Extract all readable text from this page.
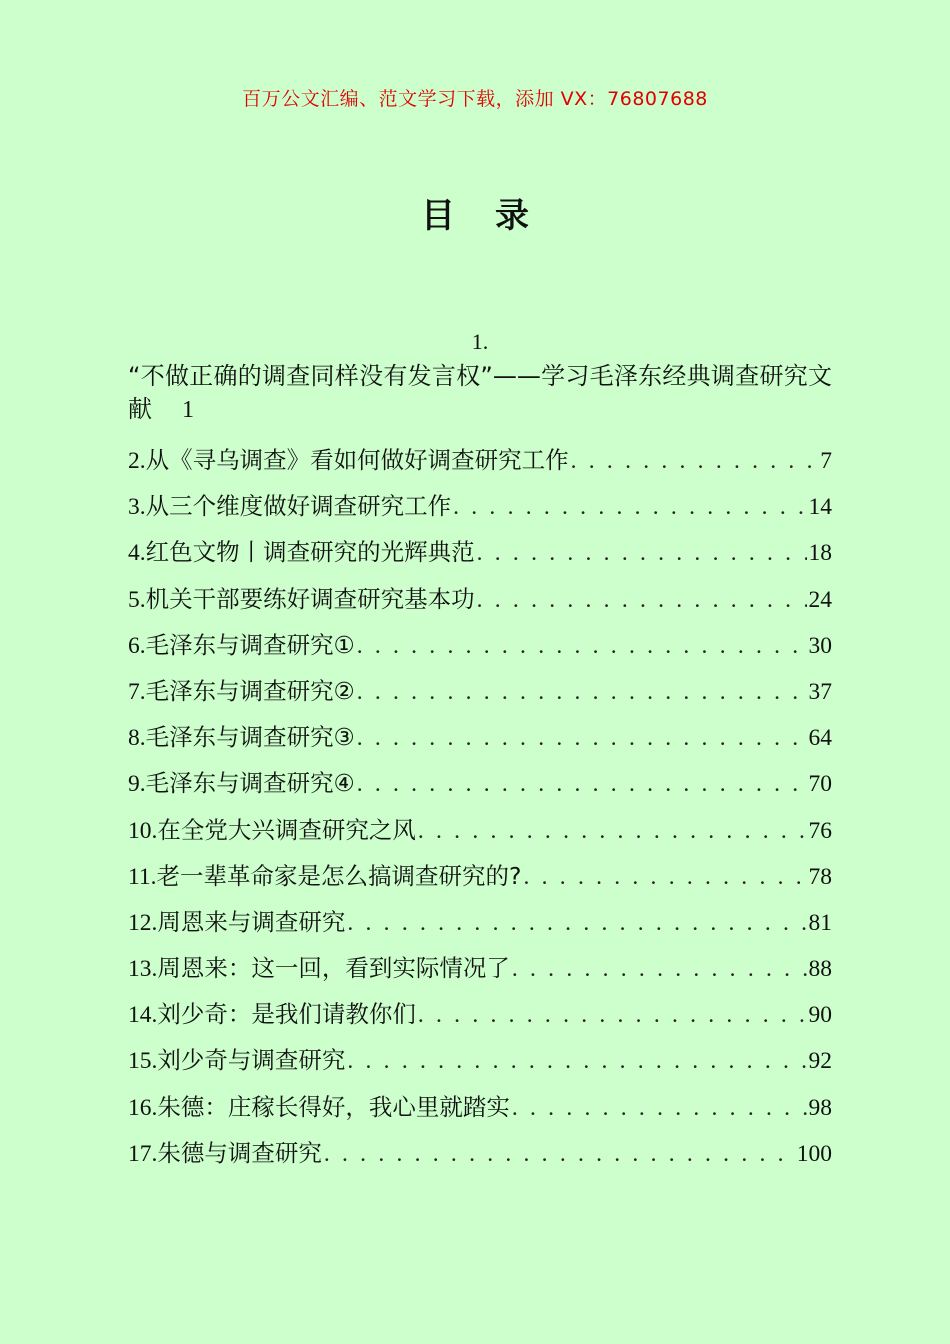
百万公文汇编、范文学习下载，添加 VX：76807688
目录
1.
“不做正确的调查同样没有发言权”——学习毛泽东经典调查研究文献 1
2.从《寻乌调查》看如何做好调查研究工作 . . .	7
3.从三个维度做好调查研究工作 . . .	14
4.红色文物丨调查研究的光辉典范 . . .	18
5.机关干部要练好调查研究基本功 . . .	24
6.毛泽东与调查研究① . . .	30
7.毛泽东与调查研究② . . .	37
8.毛泽东与调查研究③ . . .	64
9.毛泽东与调查研究④ . . .	70
10.在全党大兴调查研究之风 . . .	76
11.老一辈革命家是怎么搞调查研究的? . . .	78
12.周恩来与调查研究 . . .	81
13.周恩来：这一回，看到实际情况了 . . .	88
14.刘少奇：是我们请教你们 . . .	90
15.刘少奇与调查研究 . . .	92
16.朱德：庄稼长得好，我心里就踏实 . . .	98
17.朱德与调查研究 . . .	100
